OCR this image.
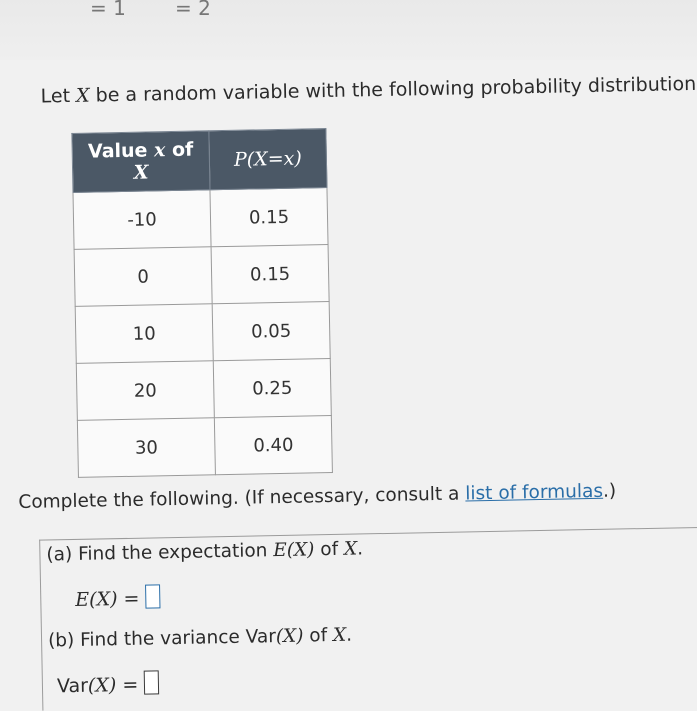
= 1 = 2
Let X be a random variable with the following probability distribution
Value x of X	P(X=x)
-10	0.15
0	0.15
10	0.05
20	0.25
30	0.40
Complete the following. (If necessary, consult a list of formulas.)
(a) Find the expectation E(X) of X.
E(X) =
(b) Find the variance Var(X) of X.
Var(X) =
